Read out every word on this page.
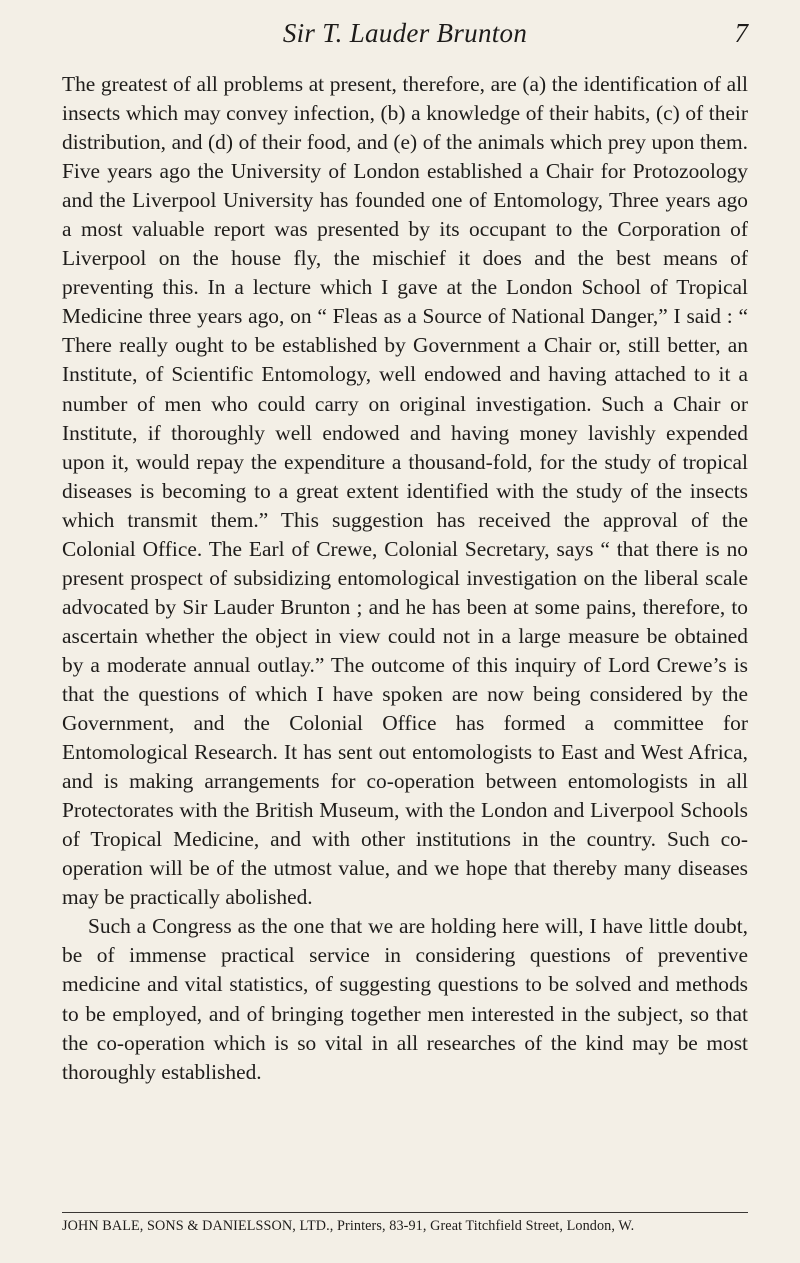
Sir T. Lauder Brunton	7

The greatest of all problems at present, therefore, are (a) the identification of all insects which may convey infection, (b) a knowledge of their habits, (c) of their distribution, and (d) of their food, and (e) of the animals which prey upon them. Five years ago the University of London established a Chair for Protozoology and the Liverpool University has founded one of Entomology, Three years ago a most valuable report was presented by its occupant to the Corporation of Liverpool on the house fly, the mischief it does and the best means of preventing this. In a lecture which I gave at the London School of Tropical Medicine three years ago, on “ Fleas as a Source of National Danger,” I said : “ There really ought to be established by Government a Chair or, still better, an Institute, of Scientific Entomology, well endowed and having attached to it a number of men who could carry on original investigation. Such a Chair or Institute, if thoroughly well endowed and having money lavishly expended upon it, would repay the expenditure a thousand-fold, for the study of tropical diseases is becoming to a great extent identified with the study of the insects which transmit them.” This suggestion has received the approval of the Colonial Office. The Earl of Crewe, Colonial Secretary, says “ that there is no present prospect of subsidizing entomological investigation on the liberal scale advocated by Sir Lauder Brunton ; and he has been at some pains, therefore, to ascertain whether the object in view could not in a large measure be obtained by a moderate annual outlay.” The outcome of this inquiry of Lord Crewe’s is that the questions of which I have spoken are now being considered by the Government, and the Colonial Office has formed a committee for Entomological Research. It has sent out entomologists to East and West Africa, and is making arrangements for co-operation between entomologists in all Protectorates with the British Museum, with the London and Liverpool Schools of Tropical Medicine, and with other institutions in the country. Such co-operation will be of the utmost value, and we hope that thereby many diseases may be practically abolished.

Such a Congress as the one that we are holding here will, I have little doubt, be of immense practical service in considering questions of preventive medicine and vital statistics, of suggesting questions to be solved and methods to be employed, and of bringing together men interested in the subject, so that the co-operation which is so vital in all researches of the kind may be most thoroughly established.

JOHN BALE, SONS & DANIELSSON, LTD., Printers, 83-91, Great Titchfield Street, London, W.
